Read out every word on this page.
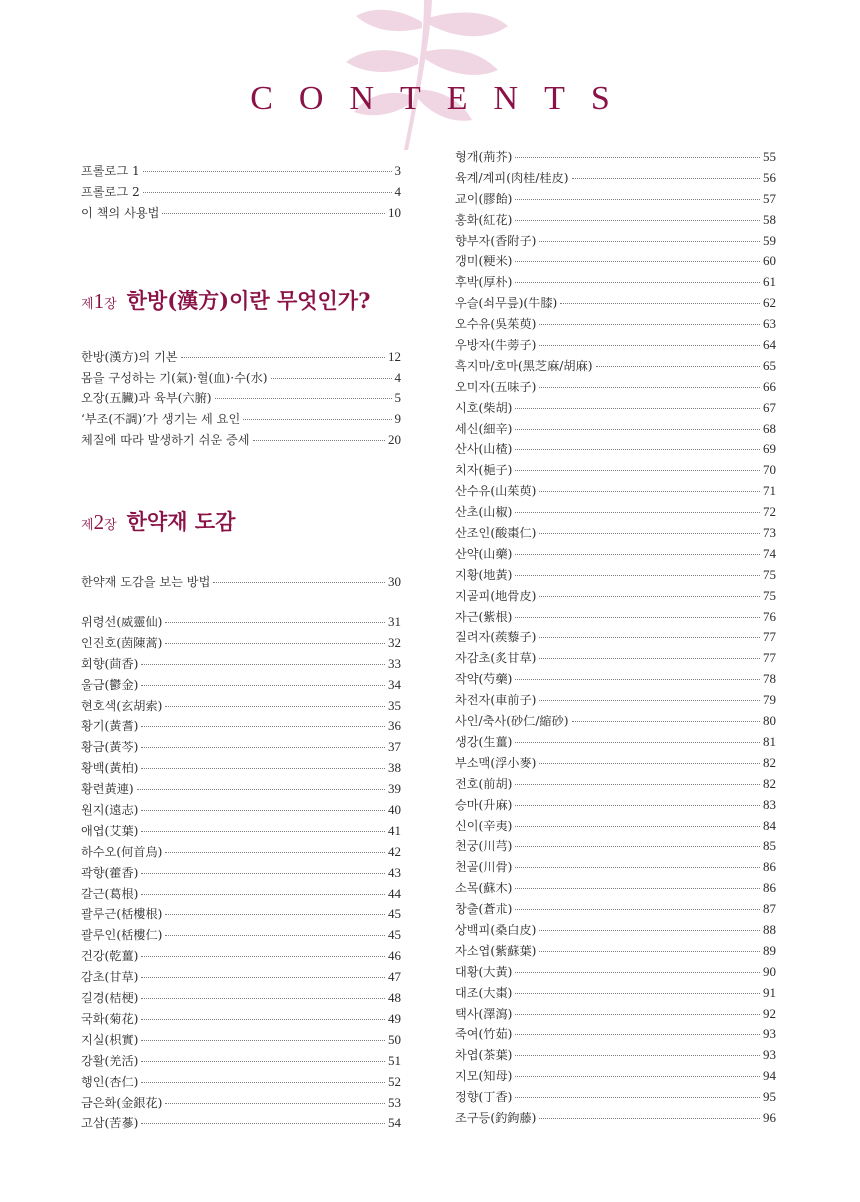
CONTENTS
프롤로그 1	3
프롤로그 2	4
이 책의 사용법	10
제 1 장 한방(漢方)이란 무엇인가?
한방(漢方)의 기본	12
몸을 구성하는 기(氣)·혈(血)·수(水)	4
오장(五臟)과 육부(六腑)	5
‘부조(不調)’가 생기는 세 요인	9
체질에 따라 발생하기 쉬운 증세	20
제 2 장 한약재 도감
한약재 도감을 보는 방법	30
위령선(威靈仙)	31
인진호(茵陳蒿)	32
회향(茴香)	33
울금(鬱金)	34
현호색(玄胡索)	35
황기(黃耆)	36
황금(黃芩)	37
황백(黃柏)	38
황련黃連)	39
원지(遠志)	40
애엽(艾葉)	41
하수오(何首烏)	42
곽향(藿香)	43
갈근(葛根)	44
괄루근(栝樓根)	45
괄루인(栝樓仁)	45
건강(乾薑)	46
감초(甘草)	47
길경(桔梗)	48
국화(菊花)	49
지실(枳實)	50
강활(羌活)	51
행인(杏仁)	52
금은화(金銀花)	53
고삼(苦蔘)	54
형개(荊芥)	55
육계/계피(肉桂/桂皮)	56
교이(膠飴)	57
홍화(紅花)	58
향부자(香附子)	59
갱미(粳米)	60
후박(厚朴)	61
우슬(쇠무릎)(牛膝)	62
오수유(吳茱萸)	63
우방자(牛蒡子)	64
흑지마/호마(黑芝麻/胡麻)	65
오미자(五味子)	66
시호(柴胡)	67
세신(細辛)	68
산사(山楂)	69
치자(梔子)	70
산수유(山茱萸)	71
산초(山椒)	72
산조인(酸棗仁)	73
산약(山藥)	74
지황(地黃)	75
지골피(地骨皮)	75
자근(紫根)	76
질려자(蒺藜子)	77
자감초(炙甘草)	77
작약(芍藥)	78
차전자(車前子)	79
사인/축사(砂仁/縮砂)	80
생강(生薑)	81
부소맥(浮小麥)	82
전호(前胡)	82
승마(升麻)	83
신이(辛夷)	84
천궁(川芎)	85
천골(川骨)	86
소목(蘇木)	86
창출(蒼朮)	87
상백피(桑白皮)	88
자소엽(紫蘇葉)	89
대황(大黃)	90
대조(大棗)	91
택사(澤瀉)	92
죽여(竹茹)	93
차엽(茶葉)	93
지모(知母)	94
정향(丁香)	95
조구등(釣鉤藤)	96
